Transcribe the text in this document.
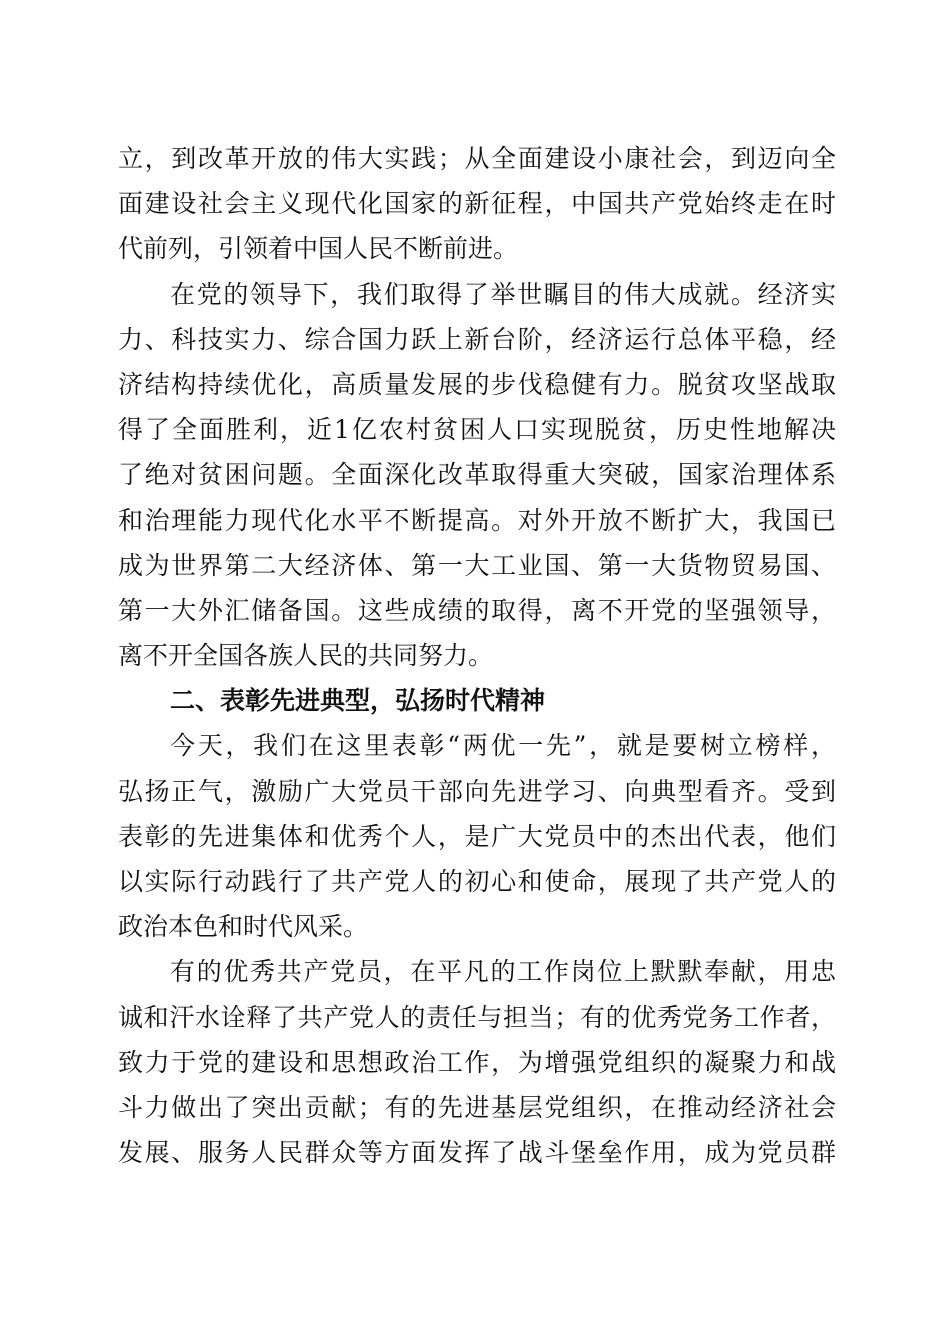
立，到改革开放的伟大实践；从全面建设小康社会，到迈向全
面建设社会主义现代化国家的新征程，中国共产党始终走在时
代前列，引领着中国人民不断前进。
在党的领导下，我们取得了举世瞩目的伟大成就。经济实
力、科技实力、综合国力跃上新台阶，经济运行总体平稳，经
济结构持续优化，高质量发展的步伐稳健有力。脱贫攻坚战取
得了全面胜利，近1亿农村贫困人口实现脱贫，历史性地解决
了绝对贫困问题。全面深化改革取得重大突破，国家治理体系
和治理能力现代化水平不断提高。对外开放不断扩大，我国已
成为世界第二大经济体、第一大工业国、第一大货物贸易国、
第一大外汇储备国。这些成绩的取得，离不开党的坚强领导，
离不开全国各族人民的共同努力。
二、表彰先进典型，弘扬时代精神
今天，我们在这里表彰“两优一先”，就是要树立榜样，
弘扬正气，激励广大党员干部向先进学习、向典型看齐。受到
表彰的先进集体和优秀个人，是广大党员中的杰出代表，他们
以实际行动践行了共产党人的初心和使命，展现了共产党人的
政治本色和时代风采。
有的优秀共产党员，在平凡的工作岗位上默默奉献，用忠
诚和汗水诠释了共产党人的责任与担当；有的优秀党务工作者，
致力于党的建设和思想政治工作，为增强党组织的凝聚力和战
斗力做出了突出贡献；有的先进基层党组织，在推动经济社会
发展、服务人民群众等方面发挥了战斗堡垒作用，成为党员群
